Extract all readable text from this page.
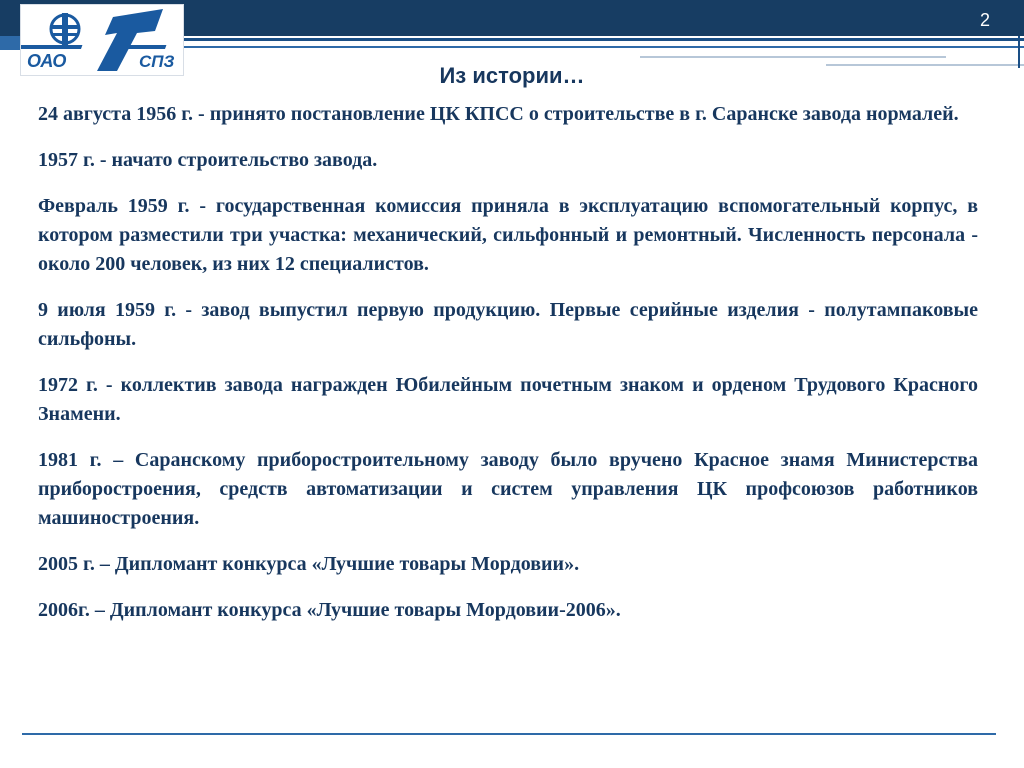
ОАО	СПЗ
2
Из истории…

24 августа 1956 г. - принято постановление ЦК КПСС о строительстве в г. Саранске завода нормалей.

1957 г. - начато строительство завода.

Февраль 1959 г. - государственная комиссия приняла в эксплуатацию вспомогательный корпус, в котором разместили три участка: механический, сильфонный и ремонтный. Численность персонала - около 200 человек, из них 12 специалистов.

9 июля 1959 г. - завод выпустил первую продукцию. Первые серийные изделия - полутампаковые сильфоны.

1972 г. - коллектив завода награжден Юбилейным почетным знаком и орденом Трудового Красного Знамени.

1981 г. – Саранскому приборостроительному заводу было вручено Красное знамя Министерства приборостроения, средств автоматизации и систем управления ЦК профсоюзов работников машиностроения.

2005 г. – Дипломант конкурса «Лучшие товары Мордовии».

2006г. – Дипломант конкурса «Лучшие товары Мордовии-2006».
